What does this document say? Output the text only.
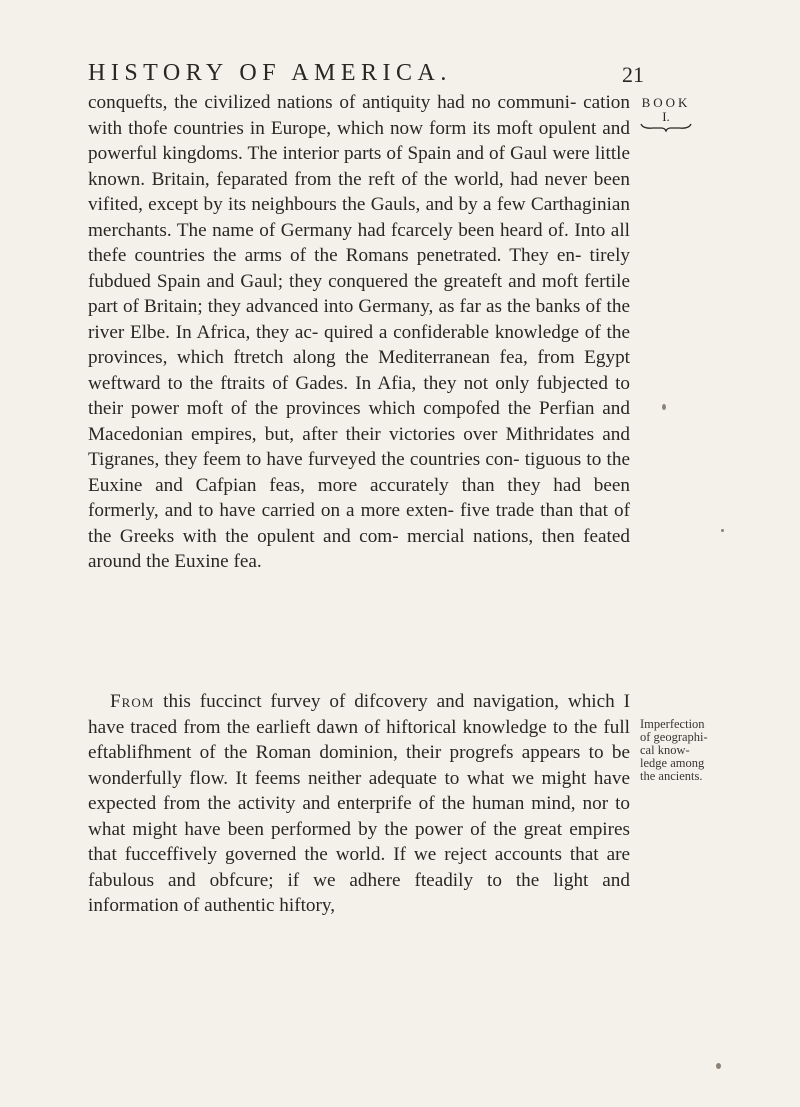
HISTORY OF AMERICA.	21
BOOK
I.

conquefts, the civilized nations of antiquity had no communi- cation with thofe countries in Europe, which now form its moft opulent and powerful kingdoms. The interior parts of Spain and of Gaul were little known. Britain, feparated from the reft of the world, had never been vifited, except by its neighbours the Gauls, and by a few Carthaginian merchants. The name of Germany had fcarcely been heard of. Into all thefe countries the arms of the Romans penetrated. They en- tirely fubdued Spain and Gaul; they conquered the greateft and moft fertile part of Britain; they advanced into Germany, as far as the banks of the river Elbe. In Africa, they ac- quired a confiderable knowledge of the provinces, which ftretch along the Mediterranean fea, from Egypt weftward to the ftraits of Gades. In Afia, they not only fubjected to their power moft of the provinces which compofed the Perfian and Macedonian empires, but, after their victories over Mithridates and Tigranes, they feem to have furveyed the countries con- tiguous to the Euxine and Cafpian feas, more accurately than they had been formerly, and to have carried on a more exten- five trade than that of the Greeks with the opulent and com- mercial nations, then feated around the Euxine fea.

Imperfection
of geographi-
cal know-
ledge among
the ancients.

From this fuccinct furvey of difcovery and navigation, which I have traced from the earlieft dawn of hiftorical knowledge to the full eftablifhment of the Roman dominion, their progrefs appears to be wonderfully flow. It feems neither adequate to what we might have expected from the activity and enterprife of the human mind, nor to what might have been performed by the power of the great empires that fucceffively governed the world. If we reject accounts that are fabulous and obfcure; if we adhere fteadily to the light and information of authentic hiftory,
